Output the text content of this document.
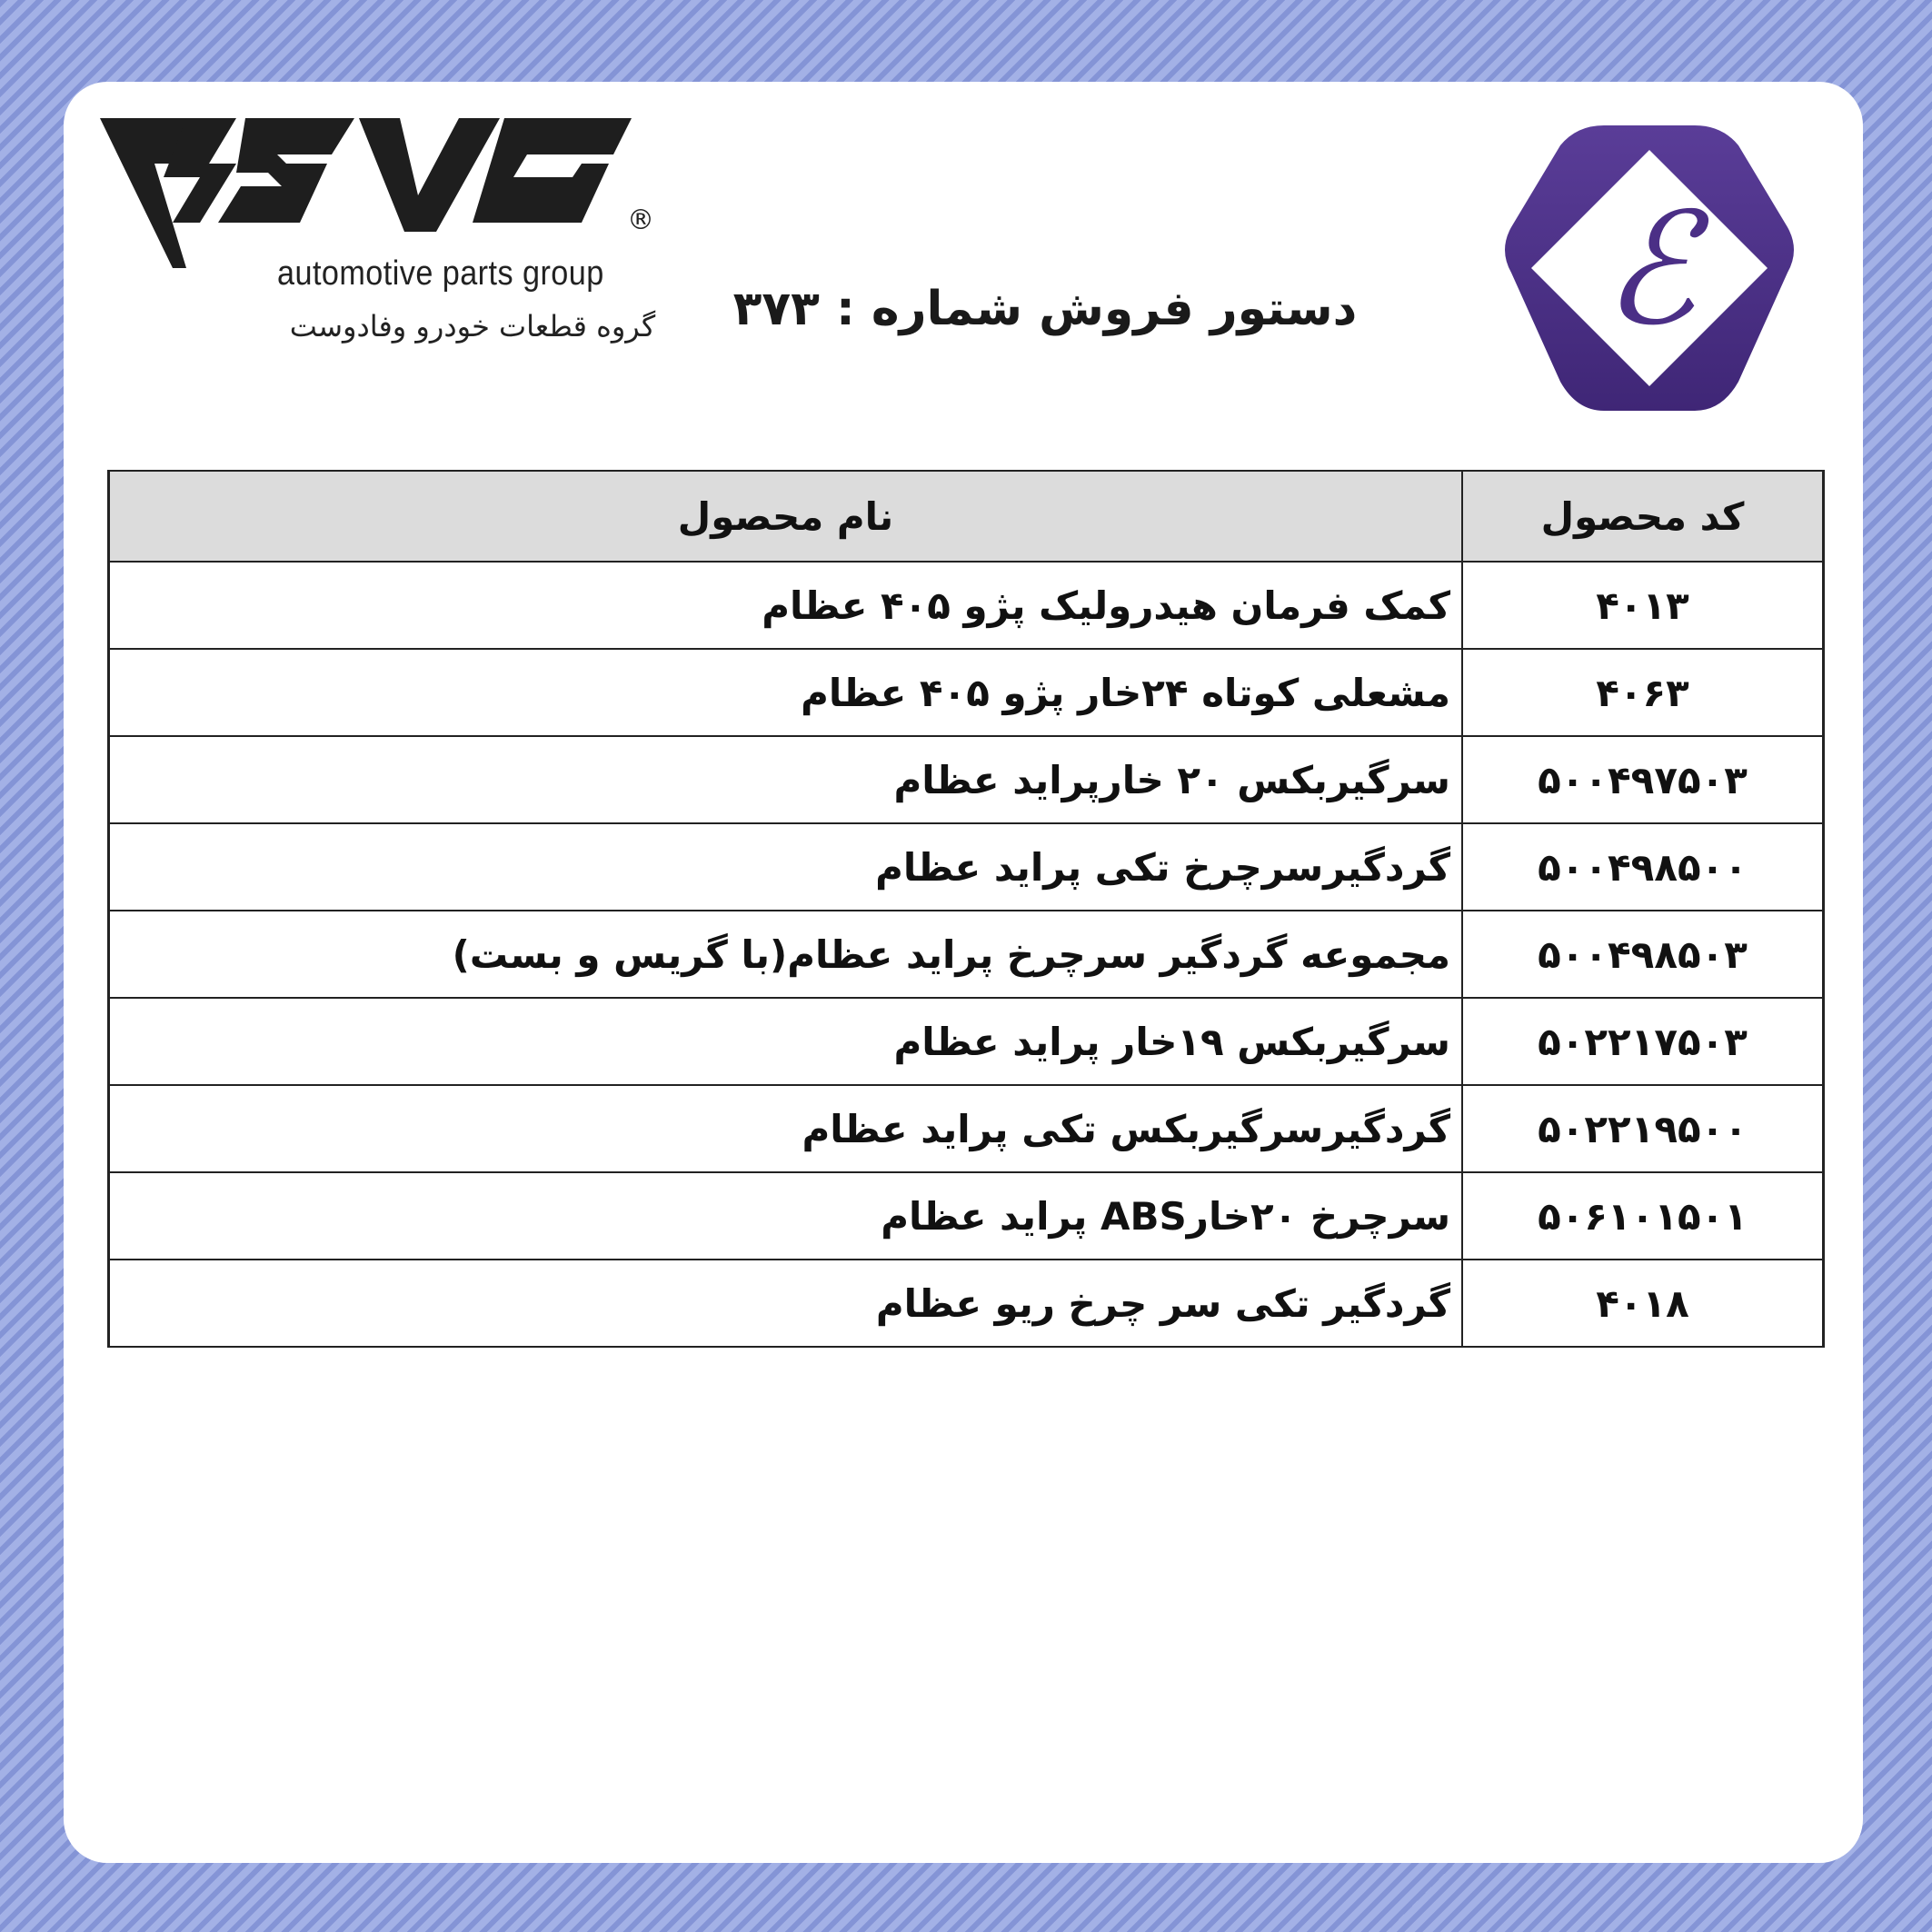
automotive parts group
گروه قطعات خودرو وفادوست
®
دستور فروش شماره : ۳۷۳ ℰ
کد محصول	نام محصول
۴۰۱۳	کمک فرمان هیدرولیک پژو ۴۰۵ عظام
۴۰۶۳	مشعلی کوتاه ۲۴خار پژو ۴۰۵ عظام
۵۰۰۴۹۷۵۰۳	سرگیربکس ۲۰ خارپراید عظام
۵۰۰۴۹۸۵۰۰	گردگیرسرچرخ تکی پراید عظام
۵۰۰۴۹۸۵۰۳	مجموعه گردگیر سرچرخ پراید عظام(با گریس و بست)
۵۰۲۲۱۷۵۰۳	سرگیربکس ۱۹خار پراید عظام
۵۰۲۲۱۹۵۰۰	گردگیرسرگیربکس تکی پراید عظام
۵۰۶۱۰۱۵۰۱	سرچرخ ۲۰خارABS پراید عظام
۴۰۱۸	گردگیر تکی سر چرخ ریو عظام
